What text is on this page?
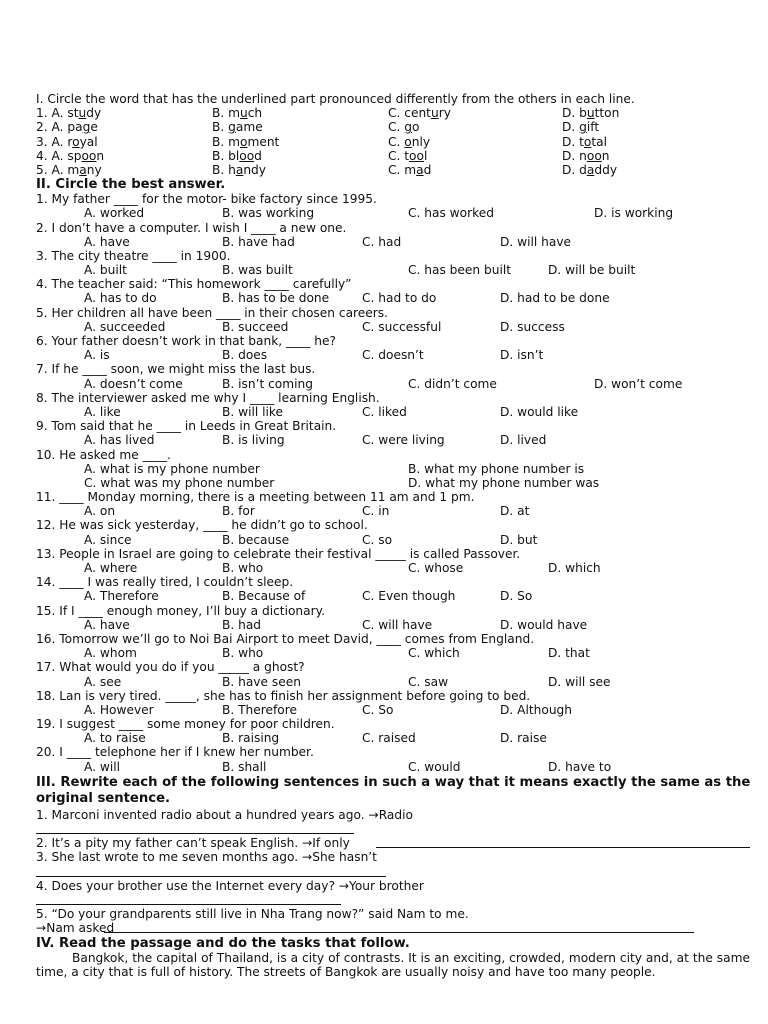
I. Circle the word that has the underlined part pronounced differently from the others in each line.
1. A. study	B. much	C. century	D. button
2. A. page	B. game	C. go	D. gift
3. A. royal	B. moment	C. only	D. total
4. A. spoon	B. blood	C. tool	D. noon
5. A. many	B. handy	C. mad	D. daddy
II. Circle the best answer.
1. My father ____ for the motor- bike factory since 1995.
A. worked	B. was working	C. has worked	D. is working
2. I don’t have a computer. I wish I ____ a new one.
A. have	B. have had	C. had	D. will have
3. The city theatre ____ in 1900.
A. built	B. was built	C. has been built	D. will be built
4. The teacher said: “This homework ____ carefully”
A. has to do	B. has to be done	C. had to do	D. had to be done
5. Her children all have been ____ in their chosen careers.
A. succeeded	B. succeed	C. successful	D. success
6. Your father doesn’t work in that bank, ____ he?
A. is	B. does	C. doesn’t	D. isn’t
7. If he ____ soon, we might miss the last bus.
A. doesn’t come	B. isn’t coming	C. didn’t come	D. won’t come
8. The interviewer asked me why I ____ learning English.
A. like	B. will like	C. liked	D. would like
9. Tom said that he ____ in Leeds in Great Britain.
A. has lived	B. is living	C. were living	D. lived
10. He asked me ____.
A. what is my phone number	B. what my phone number is
C. what was my phone number	D. what my phone number was
11. ____ Monday morning, there is a meeting between 11 am and 1 pm.
A. on	B. for	C. in	D. at
12. He was sick yesterday, ____ he didn’t go to school.
A. since	B. because	C. so	D. but
13. People in Israel are going to celebrate their festival _____ is called Passover.
A. where	B. who	C. whose	D. which
14. ____ I was really tired, I couldn’t sleep.
A. Therefore	B. Because of	C. Even though	D. So
15. If I ____ enough money, I’ll buy a dictionary.
A. have	B. had	C. will have	D. would have
16. Tomorrow we’ll go to Noi Bai Airport to meet David, ____ comes from England.
A. whom	B. who	C. which	D. that
17. What would you do if you _____ a ghost?
A. see	B. have seen	C. saw	D. will see
18. Lan is very tired. _____, she has to finish her assignment before going to bed.
A. However	B. Therefore	C. So	D. Although
19. I suggest ____ some money for poor children.
A. to raise	B. raising	C. raised	D. raise
20. I ____ telephone her if I knew her number.
A. will	B. shall	C. would	D. have to
III. Rewrite each of the following sentences in such a way that it means exactly the same as the original sentence.
1. Marconi invented radio about a hundred years ago. →Radio
2. It’s a pity my father can’t speak English. →If only
3. She last wrote to me seven months ago. →She hasn’t
4. Does your brother use the Internet every day? →Your brother
5. “Do your grandparents still live in Nha Trang now?” said Nam to me.
→Nam asked
IV. Read the passage and do the tasks that follow.
Bangkok, the capital of Thailand, is a city of contrasts. It is an exciting, crowded, modern city and, at the same time, a city that is full of history. The streets of Bangkok are usually noisy and have too many people.
